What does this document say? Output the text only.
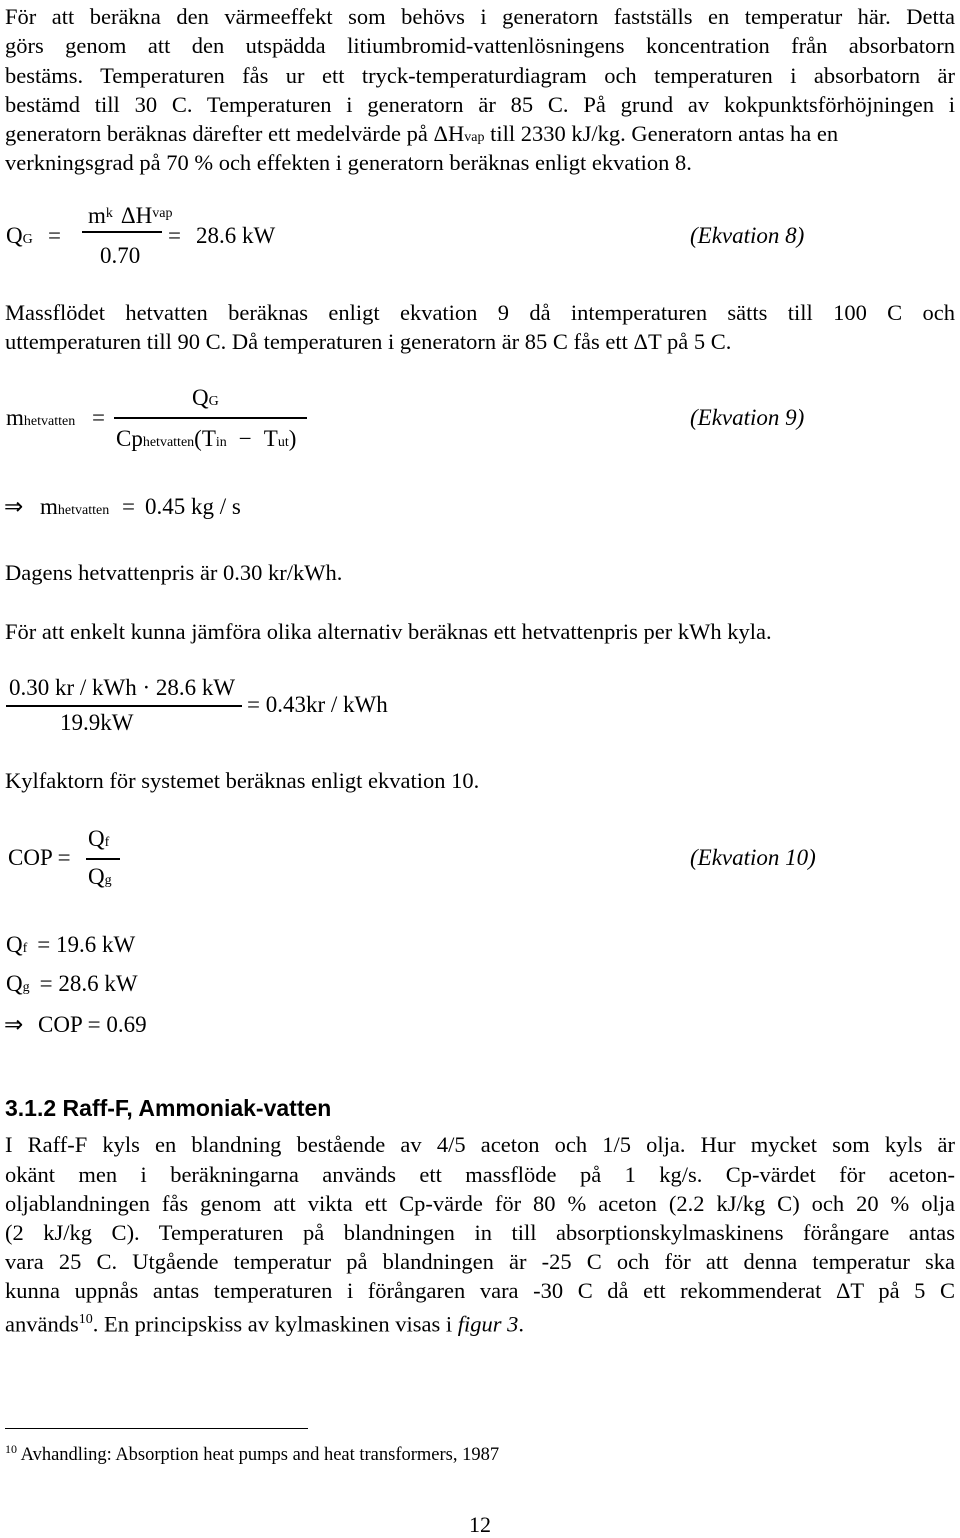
För att beräkna den värmeeffekt som behövs i generatorn fastställs en temperatur här. Detta
görs genom att den utspädda litiumbromid-vattenlösningens koncentration från absorbatorn
bestäms. Temperaturen fås ur ett tryck-temperaturdiagram och temperaturen i absorbatorn är
bestämd till 30 C. Temperaturen i generatorn är 85 C. På grund av kokpunktsförhöjningen i
generatorn beräknas därefter ett medelvärde på ΔHvap till 2330 kJ/kg. Generatorn antas ha en
verkningsgrad på 70 % och effekten i generatorn beräknas enligt ekvation 8.
QG =
$m^k$ $\Delta H^{vap}$
0.70
= 28.6 kW	(Ekvation 8)
Massflödet hetvatten beräknas enligt ekvation 9 då intemperaturen sätts till 100 C och
uttemperaturen till 90 C. Då temperaturen i generatorn är 85 C fås ett ΔT på 5 C.
mhetvatten =
QG
Cphetvatten(Tin − Tut)
(Ekvation 9)
⇒ mhetvatten = 0.45 kg / s
Dagens hetvattenpris är 0.30 kr/kWh.
För att enkelt kunna jämföra olika alternativ beräknas ett hetvattenpris per kWh kyla.
0.30 kr / kWh · 28.6 kW
19.9kW
= 0.43kr / kWh
Kylfaktorn för systemet beräknas enligt ekvation 10.
COP =
Qf
Qg
(Ekvation 10)
Qf = 19.6 kW
Qg = 28.6 kW
⇒ COP = 0.69
3.1.2 Raff-F, Ammoniak-vatten
I Raff-F kyls en blandning bestående av 4/5 aceton och 1/5 olja. Hur mycket som kyls är
okänt men i beräkningarna används ett massflöde på 1 kg/s. Cp-värdet för aceton-
oljablandningen fås genom att vikta ett Cp-värde för 80 % aceton (2.2 kJ/kg C) och 20 % olja
(2 kJ/kg C). Temperaturen på blandningen in till absorptionskylmaskinens förångare antas
vara 25 C. Utgående temperatur på blandningen är -25 C och för att denna temperatur ska
kunna uppnås antas temperaturen i förångaren vara -30 C då ett rekommenderat ΔT på 5 C
används$^{10}$. En principskiss av kylmaskinen visas i figur 3.
$^{10}$ Avhandling: Absorption heat pumps and heat transformers, 1987
12
